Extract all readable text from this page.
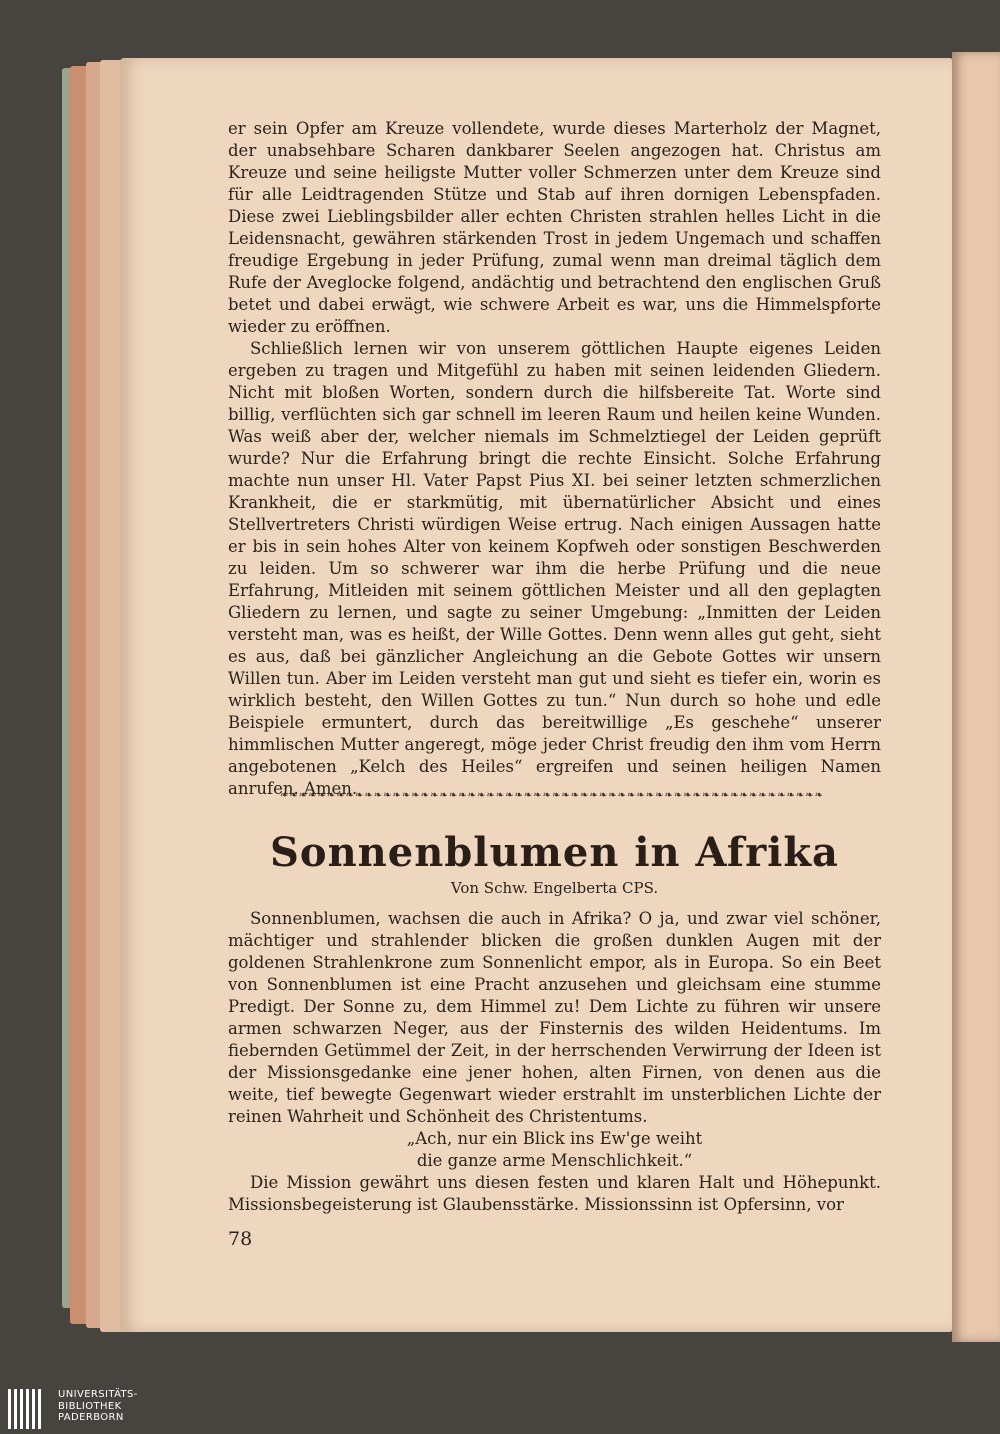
er sein Opfer am Kreuze vollendete, wurde dieses Marterholz der Magnet, der unabsehbare Scharen dankbarer Seelen angezogen hat. Christus am Kreuze und seine heiligste Mutter voller Schmerzen unter dem Kreuze sind für alle Leidtragenden Stütze und Stab auf ihren dornigen Lebenspfaden. Diese zwei Lieblingsbilder aller echten Christen strahlen helles Licht in die Leidensnacht, gewähren stärkenden Trost in jedem Ungemach und schaffen freudige Ergebung in jeder Prüfung, zumal wenn man dreimal täglich dem Rufe der Aveglocke folgend, andächtig und betrachtend den englischen Gruß betet und dabei erwägt, wie schwere Arbeit es war, uns die Himmelspforte wieder zu eröffnen.

Schließlich lernen wir von unserem göttlichen Haupte eigenes Leiden ergeben zu tragen und Mitgefühl zu haben mit seinen leidenden Gliedern. Nicht mit bloßen Worten, sondern durch die hilfsbereite Tat. Worte sind billig, verflüchten sich gar schnell im leeren Raum und heilen keine Wunden. Was weiß aber der, welcher niemals im Schmelztiegel der Leiden geprüft wurde? Nur die Erfahrung bringt die rechte Einsicht. Solche Erfahrung machte nun unser Hl. Vater Papst Pius XI. bei seiner letzten schmerzlichen Krankheit, die er starkmütig, mit übernatürlicher Absicht und eines Stellvertreters Christi würdigen Weise ertrug. Nach einigen Aussagen hatte er bis in sein hohes Alter von keinem Kopfweh oder sonstigen Beschwerden zu leiden. Um so schwerer war ihm die herbe Prüfung und die neue Erfahrung, Mitleiden mit seinem göttlichen Meister und all den geplagten Gliedern zu lernen, und sagte zu seiner Umgebung: „Inmitten der Leiden versteht man, was es heißt, der Wille Gottes. Denn wenn alles gut geht, sieht es aus, daß bei gänzlicher Angleichung an die Gebote Gottes wir unsern Willen tun. Aber im Leiden versteht man gut und sieht es tiefer ein, worin es wirklich besteht, den Willen Gottes zu tun.“ Nun durch so hohe und edle Beispiele ermuntert, durch das bereitwillige „Es geschehe“ unserer himmlischen Mutter angeregt, möge jeder Christ freudig den ihm vom Herrn angebotenen „Kelch des Heiles“ ergreifen und seinen heiligen Namen anrufen. Amen.

❧❧❧❧❧❧❧❧❧❧❧❧❧❧❧❧❧❧❧❧❧❧❧❧❧❧❧❧❧❧❧❧❧❧❧❧❧❧❧❧❧❧❧❧❧❧❧❧❧❧❧❧❧❧❧❧❧❧
Sonnenblumen in Afrika
Von Schw. Engelberta CPS.

Sonnenblumen, wachsen die auch in Afrika? O ja, und zwar viel schöner, mächtiger und strahlender blicken die großen dunklen Augen mit der goldenen Strahlenkrone zum Sonnenlicht empor, als in Europa. So ein Beet von Sonnenblumen ist eine Pracht anzusehen und gleichsam eine stumme Predigt. Der Sonne zu, dem Himmel zu! Dem Lichte zu führen wir unsere armen schwarzen Neger, aus der Finsternis des wilden Heidentums. Im fiebernden Getümmel der Zeit, in der herrschenden Verwirrung der Ideen ist der Missionsgedanke eine jener hohen, alten Firnen, von denen aus die weite, tief bewegte Gegenwart wieder erstrahlt im unsterblichen Lichte der reinen Wahrheit und Schönheit des Christentums.

„Ach, nur ein Blick ins Ew'ge weiht

die ganze arme Menschlichkeit.“

Die Mission gewährt uns diesen festen und klaren Halt und Höhepunkt. Missionsbegeisterung ist Glaubensstärke. Missionssinn ist Opfersinn, vor

78
UNIVERSITÄTS-
BIBLIOTHEK
PADERBORN
